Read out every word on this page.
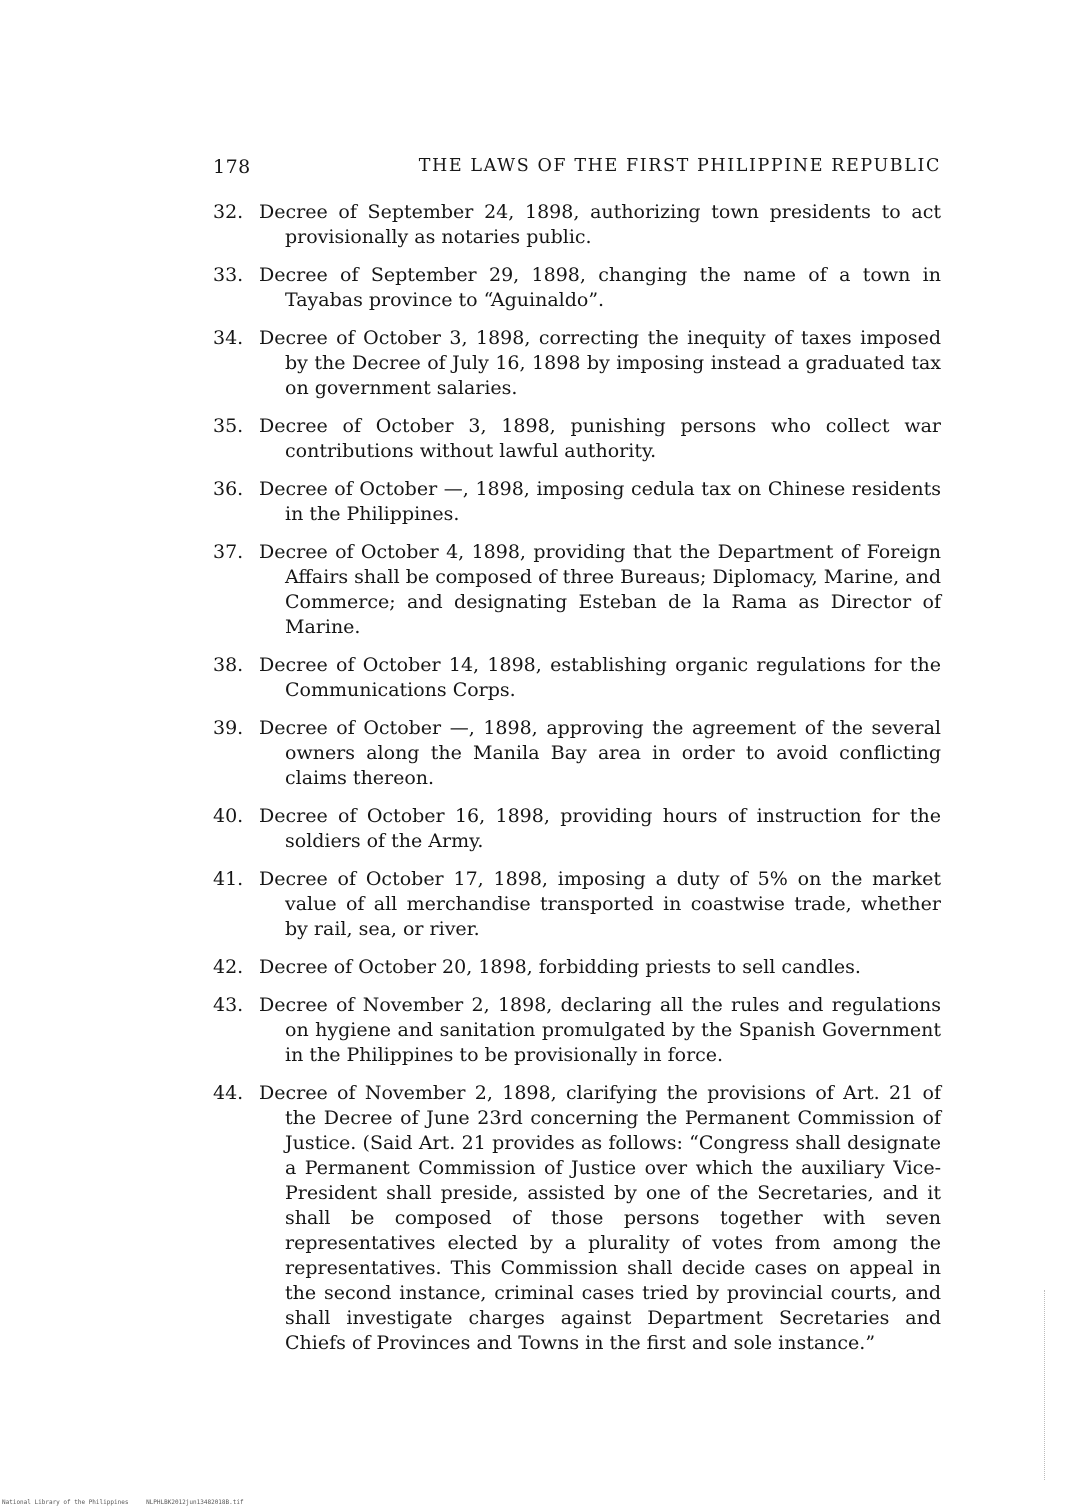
178	THE LAWS OF THE FIRST PHILIPPINE REPUBLIC
32. Decree of September 24, 1898, authorizing town presidents to act provisionally as notaries public.
33. Decree of September 29, 1898, changing the name of a town in Tayabas province to “Aguinaldo”.
34. Decree of October 3, 1898, correcting the inequity of taxes imposed by the Decree of July 16, 1898 by imposing instead a graduated tax on government salaries.
35. Decree of October 3, 1898, punishing persons who collect war contributions without lawful authority.
36. Decree of October —, 1898, imposing cedula tax on Chinese residents in the Philippines.
37. Decree of October 4, 1898, providing that the Department of Foreign Affairs shall be composed of three Bureaus; Diplomacy, Marine, and Commerce; and designating Esteban de la Rama as Director of Marine.
38. Decree of October 14, 1898, establishing organic regulations for the Communications Corps.
39. Decree of October —, 1898, approving the agreement of the several owners along the Manila Bay area in order to avoid conflicting claims thereon.
40. Decree of October 16, 1898, providing hours of instruction for the soldiers of the Army.
41. Decree of October 17, 1898, imposing a duty of 5% on the market value of all merchandise transported in coastwise trade, whether by rail, sea, or river.
42. Decree of October 20, 1898, forbidding priests to sell candles.
43. Decree of November 2, 1898, declaring all the rules and regulations on hygiene and sanitation promulgated by the Spanish Government in the Philippines to be provisionally in force.
44. Decree of November 2, 1898, clarifying the provisions of Art. 21 of the Decree of June 23rd concerning the Permanent Commission of Justice. (Said Art. 21 provides as follows: “Congress shall designate a Permanent Commission of Justice over which the auxiliary Vice-President shall preside, assisted by one of the Secretaries, and it shall be composed of those persons together with seven representatives elected by a plurality of votes from among the representatives. This Commission shall decide cases on appeal in the second instance, criminal cases tried by provincial courts, and shall investigate charges against Department Secretaries and Chiefs of Provinces and Towns in the first and sole instance.”
National Library of the Philippines	NLPHLBK2012jun13482018B.tif
